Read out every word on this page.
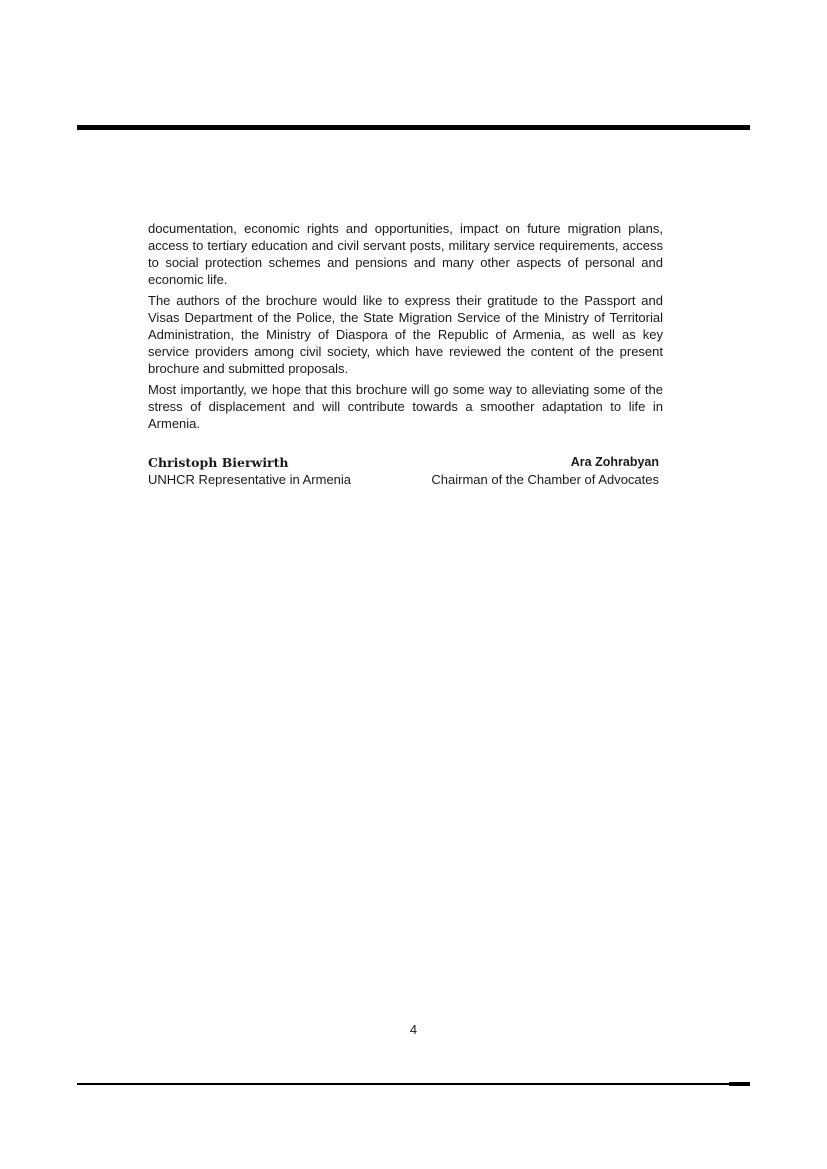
documentation, economic rights and opportunities, impact on future migration plans, access to tertiary education and civil servant posts, military service requirements, access to social protection schemes and pensions and many other aspects of personal and economic life.

The authors of the brochure would like to express their gratitude to the Passport and Visas Department of the Police, the State Migration Service of the Ministry of Territorial Administration, the Ministry of Diaspora of the Republic of Armenia, as well as key service providers among civil society, which have reviewed the content of the present brochure and submitted proposals.

Most importantly, we hope that this brochure will go some way to alleviating some of the stress of displacement and will contribute towards a smoother adaptation to life in Armenia.

Christoph Bierwirth
UNHCR Representative in Armenia
Ara Zohrabyan
Chairman of the Chamber of Advocates
4
